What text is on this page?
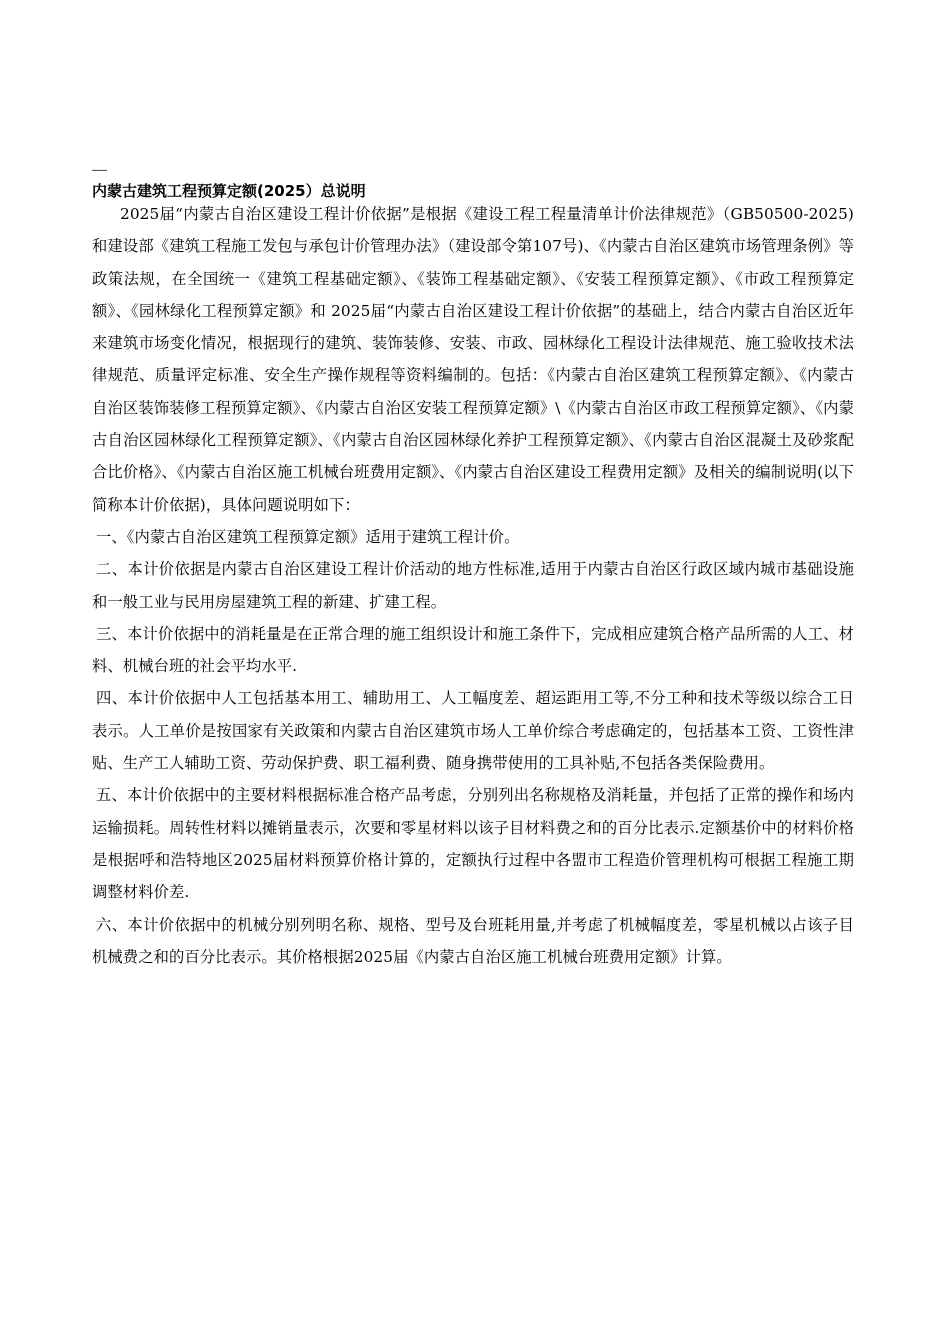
—
内蒙古建筑工程预算定额(2025）总说明

2025届“内蒙古自治区建设工程计价依据”是根据《建设工程工程量清单计价法律规范》（GB50500-2025)和建设部《建筑工程施工发包与承包计价管理办法》（建设部令第107号)、《内蒙古自治区建筑市场管理条例》等政策法规，在全国统一《建筑工程基础定额》、《装饰工程基础定额》、《安装工程预算定额》、《市政工程预算定额》、《园林绿化工程预算定额》和 2025届“内蒙古自治区建设工程计价依据”的基础上，结合内蒙古自治区近年来建筑市场变化情况，根据现行的建筑、装饰装修、安装、市政、园林绿化工程设计法律规范、施工验收技术法律规范、质量评定标准、安全生产操作规程等资料编制的。包括：《内蒙古自治区建筑工程预算定额》、《内蒙古自治区装饰装修工程预算定额》、《内蒙古自治区安装工程预算定额》\《内蒙古自治区市政工程预算定额》、《内蒙古自治区园林绿化工程预算定额》、《内蒙古自治区园林绿化养护工程预算定额》、《内蒙古自治区混凝土及砂浆配合比价格》、《内蒙古自治区施工机械台班费用定额》、《内蒙古自治区建设工程费用定额》及相关的编制说明(以下简称本计价依据)，具体问题说明如下：

一、《内蒙古自治区建筑工程预算定额》适用于建筑工程计价。

二、本计价依据是内蒙古自治区建设工程计价活动的地方性标准,适用于内蒙古自治区行政区域内城市基础设施和一般工业与民用房屋建筑工程的新建、扩建工程。

三、本计价依据中的消耗量是在正常合理的施工组织设计和施工条件下，完成相应建筑合格产品所需的人工、材料、机械台班的社会平均水平.

四、本计价依据中人工包括基本用工、辅助用工、人工幅度差、超运距用工等,不分工种和技术等级以综合工日表示。人工单价是按国家有关政策和内蒙古自治区建筑市场人工单价综合考虑确定的，包括基本工资、工资性津贴、生产工人辅助工资、劳动保护费、职工福利费、随身携带使用的工具补贴,不包括各类保险费用。

五、本计价依据中的主要材料根据标准合格产品考虑，分别列出名称规格及消耗量，并包括了正常的操作和场内运输损耗。周转性材料以摊销量表示，次要和零星材料以该子目材料费之和的百分比表示.定额基价中的材料价格是根据呼和浩特地区2025届材料预算价格计算的，定额执行过程中各盟市工程造价管理机构可根据工程施工期调整材料价差.

六、本计价依据中的机械分别列明名称、规格、型号及台班耗用量,并考虑了机械幅度差，零星机械以占该子目机械费之和的百分比表示。其价格根据2025届《内蒙古自治区施工机械台班费用定额》计算。
